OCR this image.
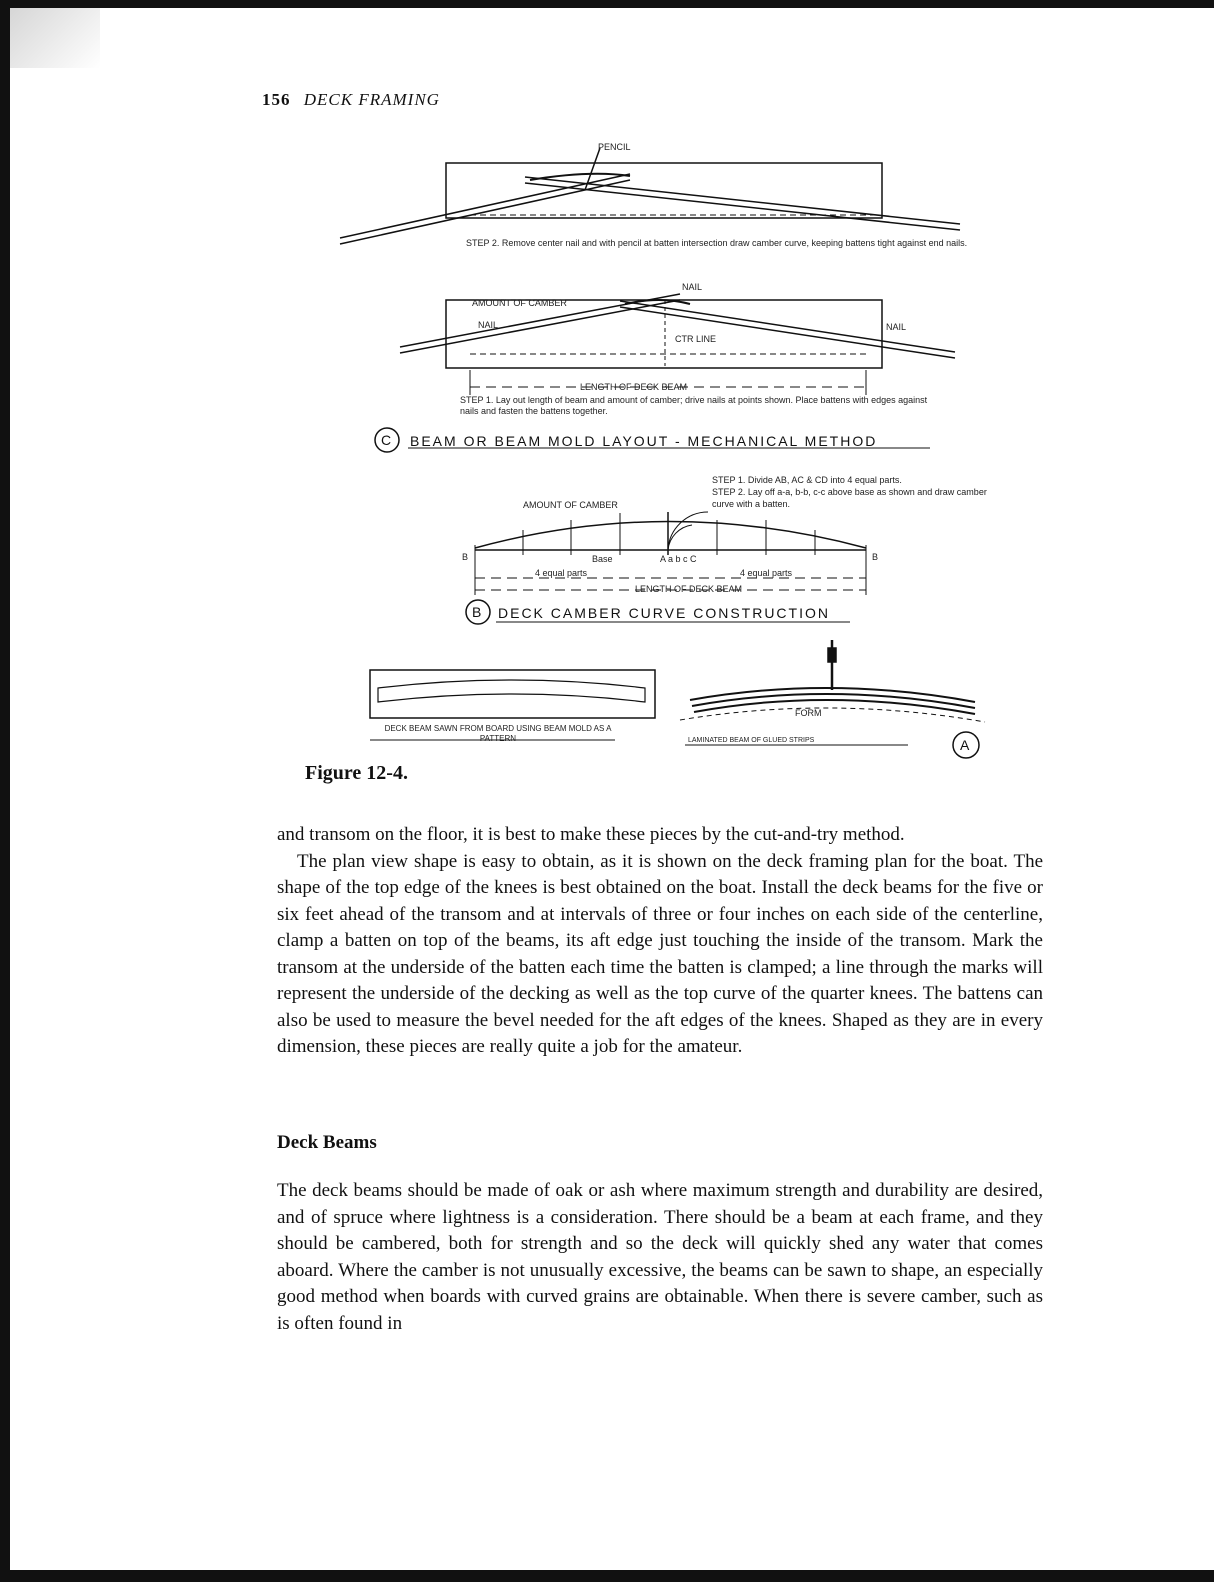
156 DECK FRAMING
PENCIL
STEP 2. Remove center nail and with pencil at batten intersection draw camber curve, keeping battens tight against end nails.
AMOUNT OF CAMBER
NAIL
NAIL	NAIL
CTR LINE
LENGTH OF DECK BEAM
STEP 1. Lay out length of beam and amount of camber; drive nails at points shown. Place battens with edges against nails and fasten the battens together.
C BEAM OR BEAM MOLD LAYOUT - MECHANICAL METHOD
STEP 1. Divide AB, AC & CD into 4 equal parts.
STEP 2. Lay off a-a, b-b, c-c above base as shown and draw camber curve with a batten.
AMOUNT OF CAMBER
B	B
Base	A a b c C
4 equal parts	4 equal parts
LENGTH OF DECK BEAM
B DECK CAMBER CURVE CONSTRUCTION
DECK BEAM SAWN FROM BOARD USING BEAM MOLD AS A PATTERN
FORM
LAMINATED BEAM OF GLUED STRIPS	A
Figure 12-4.

and transom on the floor, it is best to make these pieces by the cut-and-try method.

The plan view shape is easy to obtain, as it is shown on the deck framing plan for the boat. The shape of the top edge of the knees is best obtained on the boat. Install the deck beams for the five or six feet ahead of the transom and at intervals of three or four inches on each side of the centerline, clamp a batten on top of the beams, its aft edge just touching the inside of the transom. Mark the transom at the underside of the batten each time the batten is clamped; a line through the marks will represent the underside of the decking as well as the top curve of the quarter knees. The battens can also be used to measure the bevel needed for the aft edges of the knees. Shaped as they are in every dimension, these pieces are really quite a job for the amateur.

Deck Beams

The deck beams should be made of oak or ash where maximum strength and durability are desired, and of spruce where lightness is a consideration. There should be a beam at each frame, and they should be cambered, both for strength and so the deck will quickly shed any water that comes aboard. Where the camber is not unusually excessive, the beams can be sawn to shape, an especially good method when boards with curved grains are obtainable. When there is severe camber, such as is often found in
